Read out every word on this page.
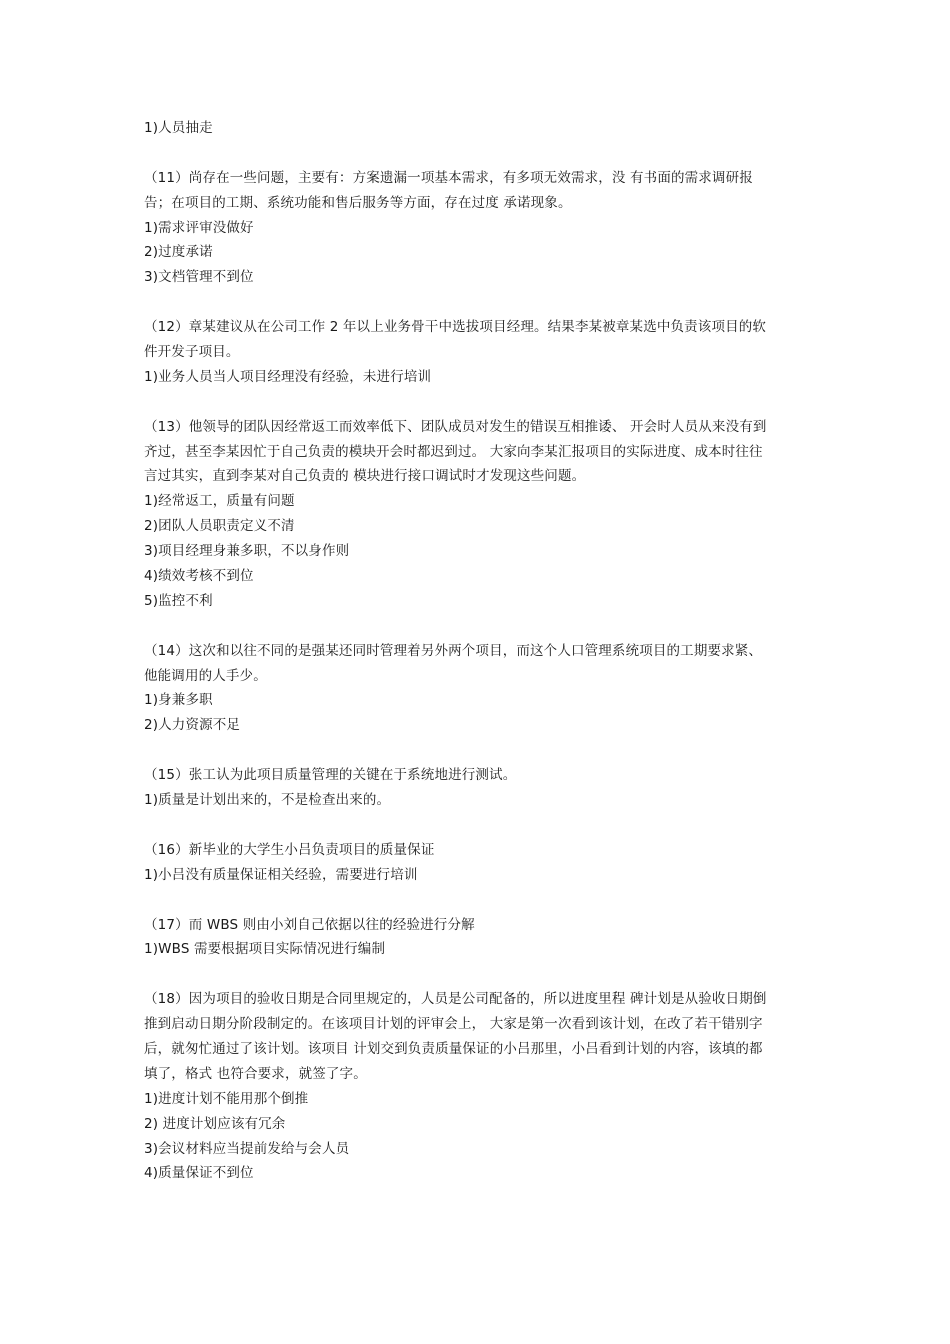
1)人员抽走
（11）尚存在一些问题，主要有：方案遗漏一项基本需求，有多项无效需求，没 有书面的需求调研报
告；在项目的工期、系统功能和售后服务等方面，存在过度 承诺现象。
1)需求评审没做好
2)过度承诺
3)文档管理不到位
（12）章某建议从在公司工作 2 年以上业务骨干中选拔项目经理。结果李某被章某选中负责该项目的软
件开发子项目。
1)业务人员当人项目经理没有经验，未进行培训
（13）他领导的团队因经常返工而效率低下、团队成员对发生的错误互相推诿、 开会时人员从来没有到
齐过，甚至李某因忙于自己负责的模块开会时都迟到过。 大家向李某汇报项目的实际进度、成本时往往
言过其实，直到李某对自己负责的 模块进行接口调试时才发现这些问题。
1)经常返工，质量有问题
2)团队人员职责定义不清
3)项目经理身兼多职，不以身作则
4)绩效考核不到位
5)监控不利
（14）这次和以往不同的是强某还同时管理着另外两个项目，而这个人口管理系统项目的工期要求紧、
他能调用的人手少。
1)身兼多职
2)人力资源不足
（15）张工认为此项目质量管理的关键在于系统地进行测试。
1)质量是计划出来的，不是检查出来的。
（16）新毕业的大学生小吕负责项目的质量保证
1)小吕没有质量保证相关经验，需要进行培训
（17）而 WBS 则由小刘自己依据以往的经验进行分解
1)WBS 需要根据项目实际情况进行编制
（18）因为项目的验收日期是合同里规定的，人员是公司配备的，所以进度里程 碑计划是从验收日期倒
推到启动日期分阶段制定的。在该项目计划的评审会上， 大家是第一次看到该计划，在改了若干错别字
后，就匆忙通过了该计划。该项目 计划交到负责质量保证的小吕那里，小吕看到计划的内容，该填的都
填了，格式 也符合要求，就签了字。
1)进度计划不能用那个倒推
2) 进度计划应该有冗余
3)会议材料应当提前发给与会人员
4)质量保证不到位
